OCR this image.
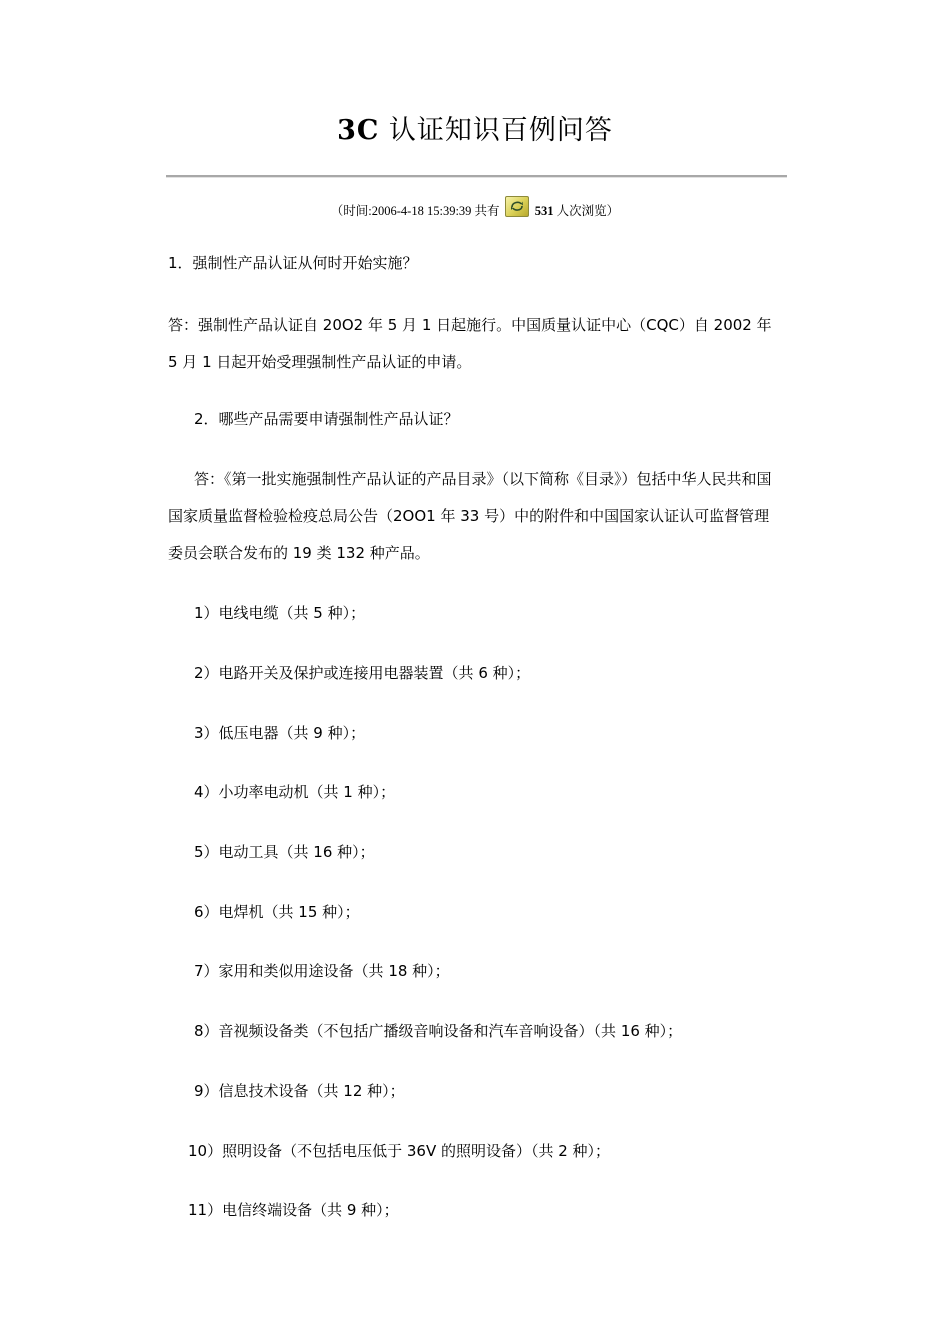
3C 认证知识百例问答
（时间:2006-4-18 15:39:39 共有	531 人次浏览）
1．强制性产品认证从何时开始实施？
答：强制性产品认证自 20O2 年 5 月 1 日起施行。中国质量认证中心（CQC）自 2002 年 5 月 1 日起开始受理强制性产品认证的申请。
2．哪些产品需要申请强制性产品认证？
答：《第一批实施强制性产品认证的产品目录》（以下简称《目录》）包括中华人民共和国国家质量监督检验检疫总局公告（2OO1 年 33 号）中的附件和中国国家认证认可监督管理委员会联合发布的 19 类 132 种产品。
1）电线电缆（共 5 种）；
2）电路开关及保护或连接用电器装置（共 6 种）；
3）低压电器（共 9 种）；
4）小功率电动机（共 1 种）；
5）电动工具（共 16 种）；
6）电焊机（共 15 种）；
7）家用和类似用途设备（共 18 种）；
8）音视频设备类（不包括广播级音响设备和汽车音响设备）（共 16 种）；
9）信息技术设备（共 12 种）；
10）照明设备（不包括电压低于 36V 的照明设备）（共 2 种）；
11）电信终端设备（共 9 种）；
